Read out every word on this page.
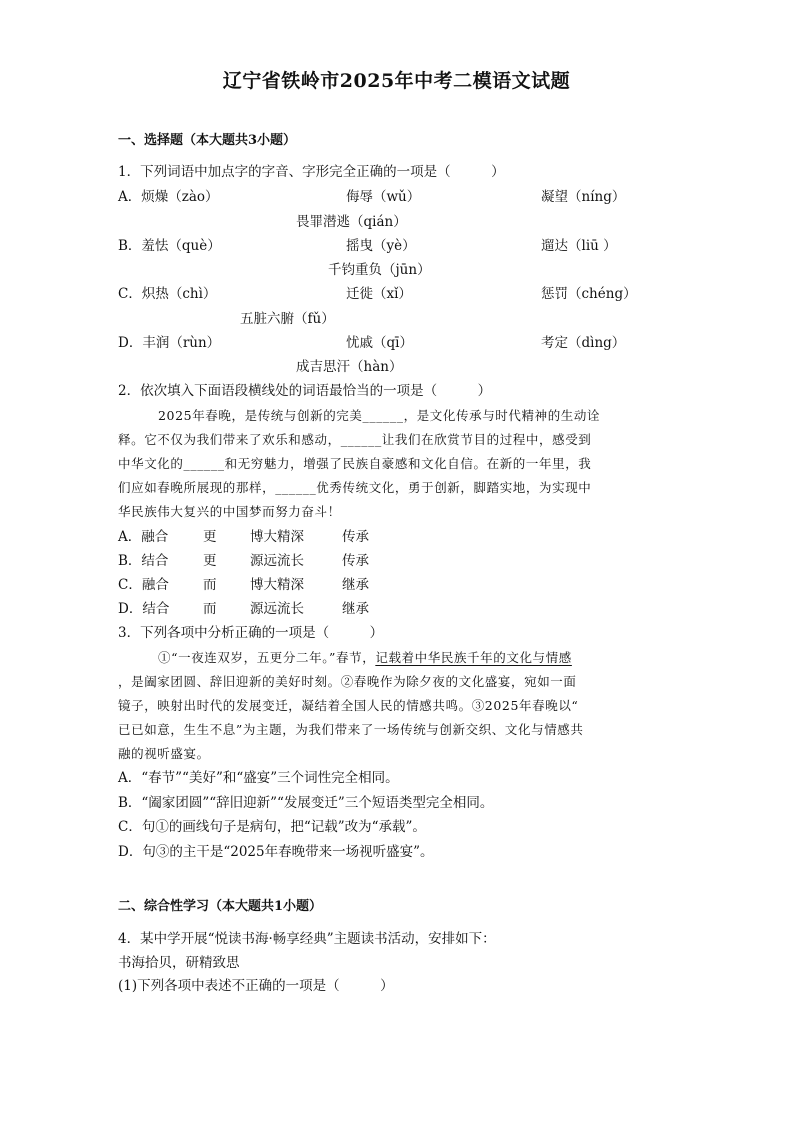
辽宁省铁岭市2025年中考二模语文试题
一、选择题（本大题共3小题）
1．下列词语中加点字的字音、字形完全正确的一项是（　　　）
A．烦燥（zào）	侮辱（wǔ）	凝望（níng）
畏罪潜逃（qián）
B．羞怯（què）	摇曳（yè）	遛达（liū ）
千钧重负（jūn）
C．炽热（chì）	迁徙（xǐ）	惩罚（chéng）
五脏六腑（fǔ）
D．丰润（rùn）	忧戚（qī）	考定（dìng）
成吉思汗（hàn）
2．依次填入下面语段横线处的词语最恰当的一项是（　　　）
2025年春晚，是传统与创新的完美______，是文化传承与时代精神的生动诠
释。它不仅为我们带来了欢乐和感动，______让我们在欣赏节目的过程中，感受到
中华文化的______和无穷魅力，增强了民族自豪感和文化自信。在新的一年里，我
们应如春晚所展现的那样，______优秀传统文化，勇于创新，脚踏实地，为实现中
华民族伟大复兴的中国梦而努力奋斗！
A．融合	更 博大精深	传承
B．结合	更 源远流长	传承
C．融合	而 博大精深	继承
D．结合 而 源远流长	继承
3．下列各项中分析正确的一项是（　　　）
①“一夜连双岁，五更分二年。”春节，记载着中华民族千年的文化与情感
，是阖家团圆、辞旧迎新的美好时刻。②春晚作为除夕夜的文化盛宴，宛如一面
镜子，映射出时代的发展变迁，凝结着全国人民的情感共鸣。③2025年春晚以“
已已如意，生生不息”为主题，为我们带来了一场传统与创新交织、文化与情感共
融的视听盛宴。
A．“春节”“美好”和“盛宴”三个词性完全相同。
B．“阖家团圆”“辞旧迎新”“发展变迁”三个短语类型完全相同。
C．句①的画线句子是病句，把“记载”改为“承载”。
D．句③的主干是“2025年春晚带来一场视听盛宴”。
二、综合性学习（本大题共1小题）
4．某中学开展“悦读书海·畅享经典”主题读书活动，安排如下：
书海拾贝，研精致思
(1)下列各项中表述不正确的一项是（　　　）
